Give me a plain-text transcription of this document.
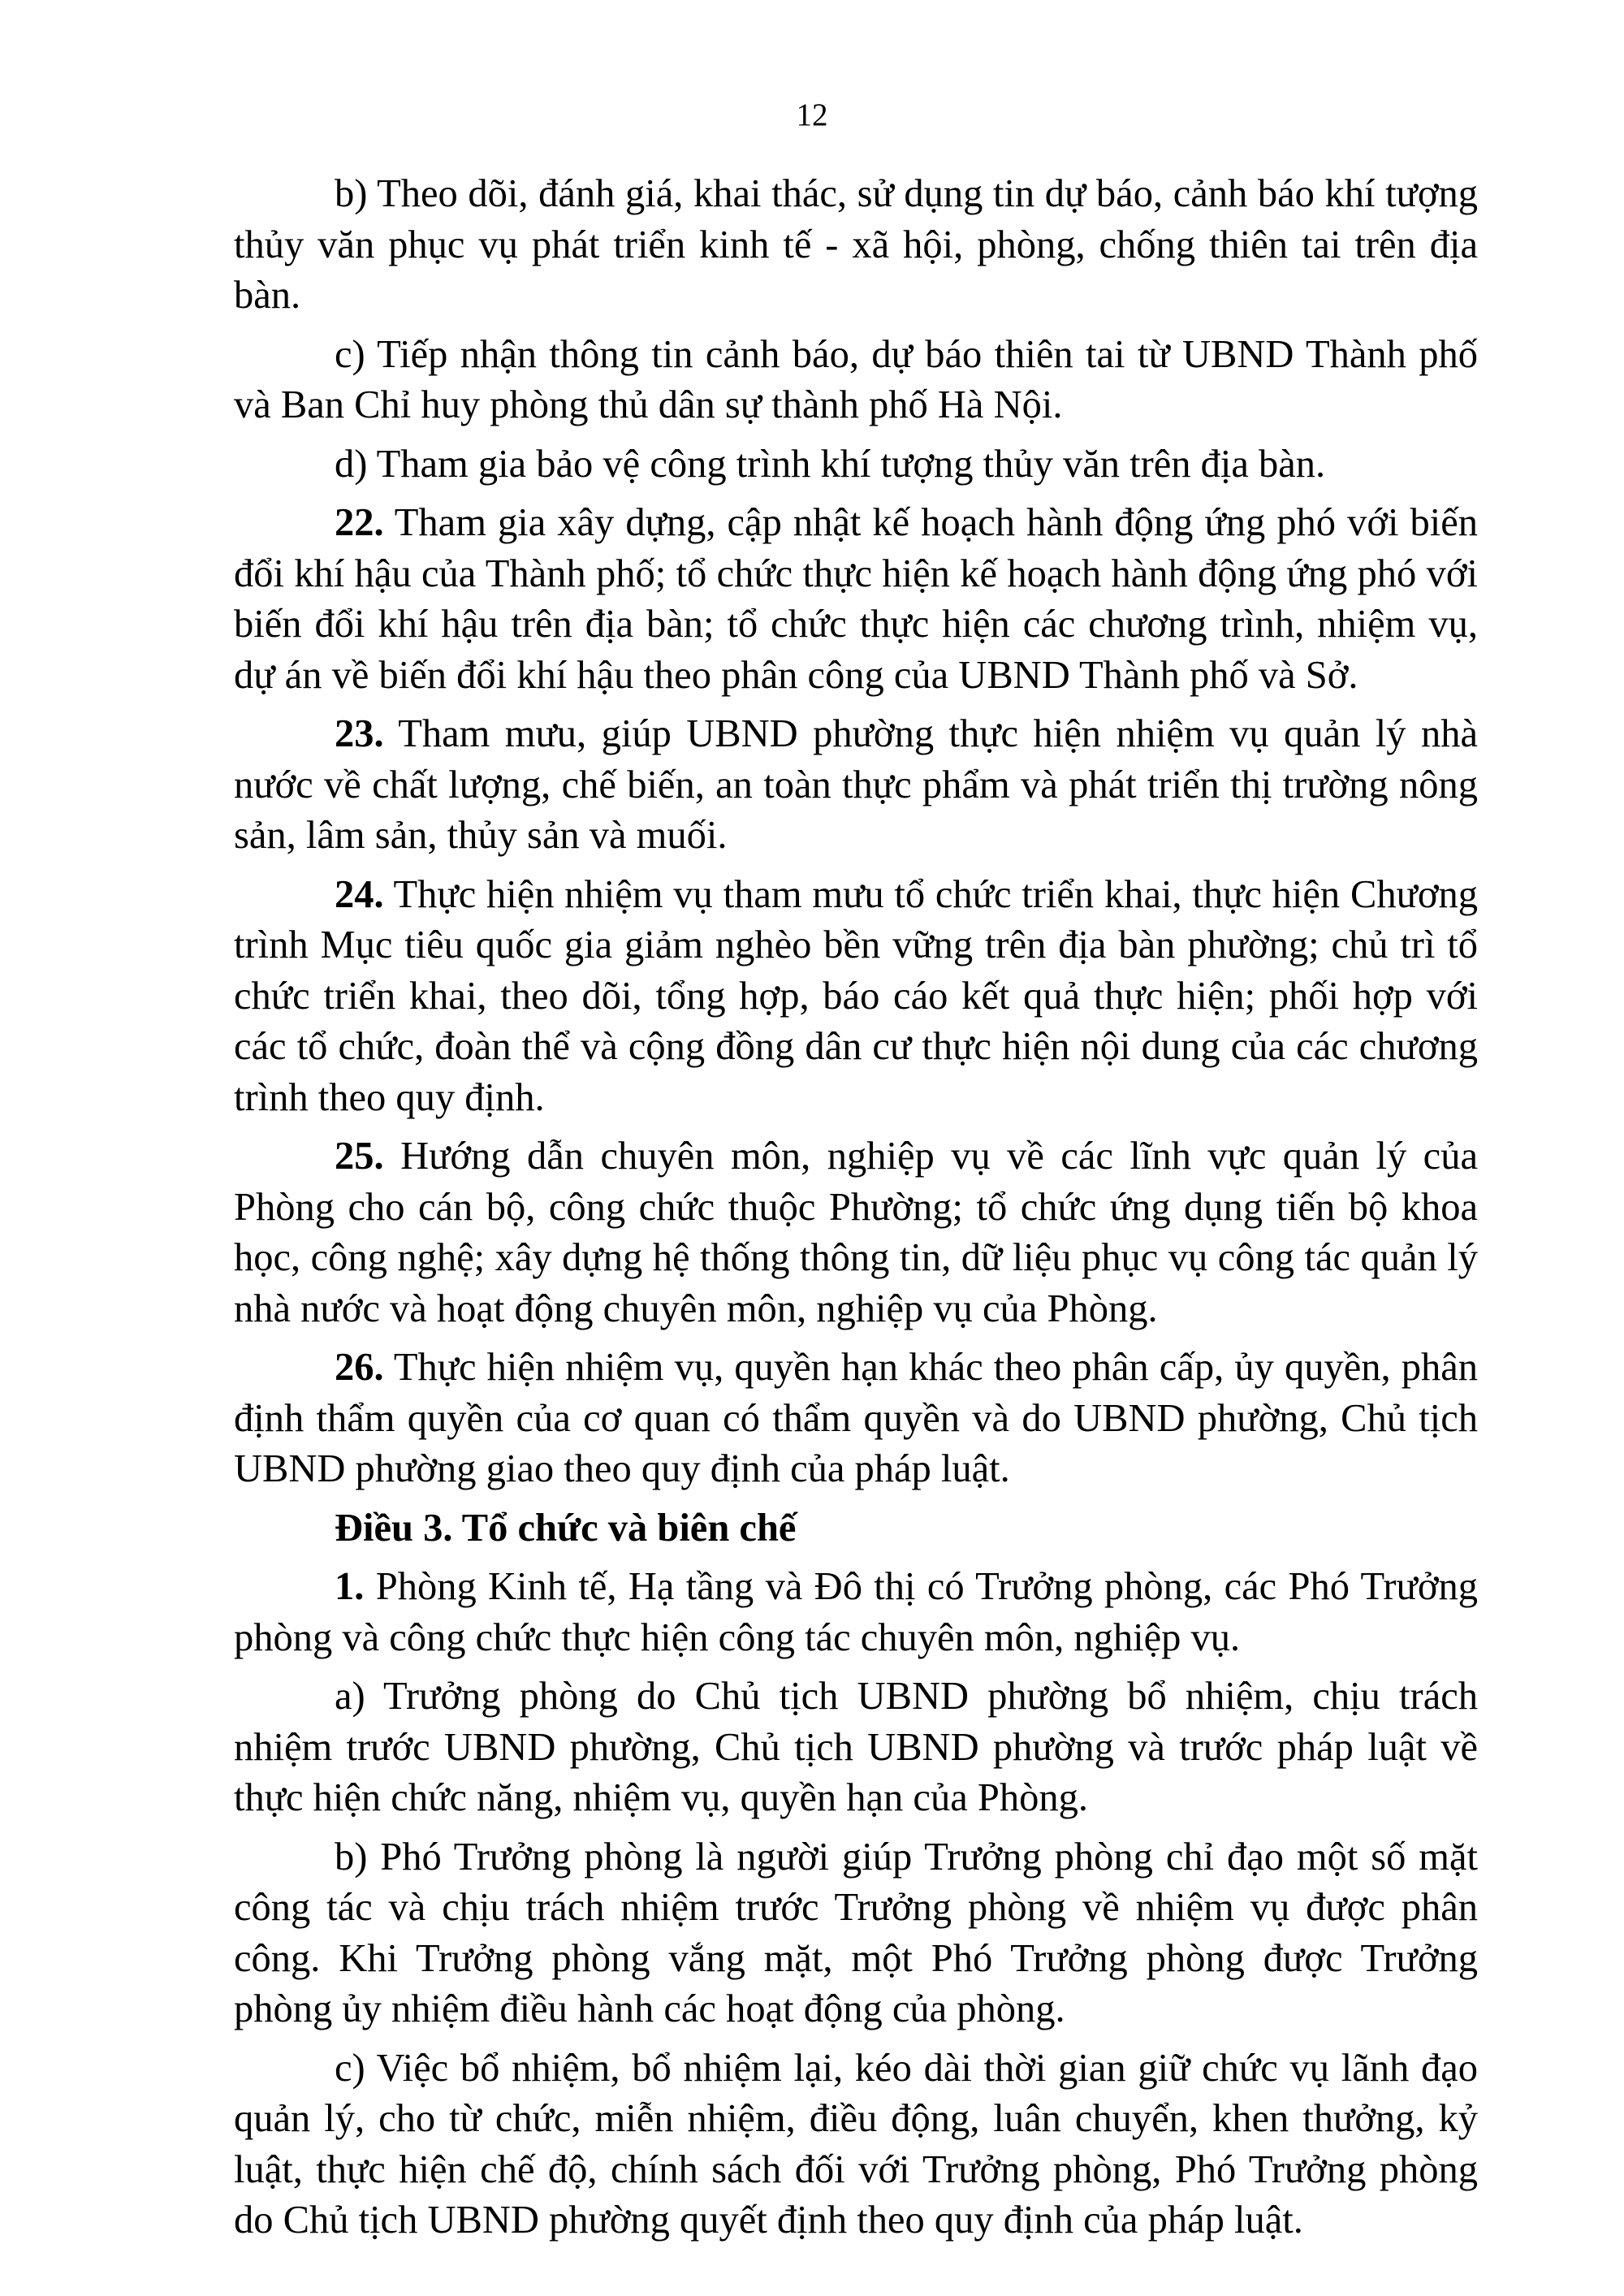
12

b) Theo dõi, đánh giá, khai thác, sử dụng tin dự báo, cảnh báo khí tượng thủy văn phục vụ phát triển kinh tế - xã hội, phòng, chống thiên tai trên địa bàn.

c) Tiếp nhận thông tin cảnh báo, dự báo thiên tai từ UBND Thành phố và Ban Chỉ huy phòng thủ dân sự thành phố Hà Nội.

d) Tham gia bảo vệ công trình khí tượng thủy văn trên địa bàn.

22. Tham gia xây dựng, cập nhật kế hoạch hành động ứng phó với biến đổi khí hậu của Thành phố; tổ chức thực hiện kế hoạch hành động ứng phó với biến đổi khí hậu trên địa bàn; tổ chức thực hiện các chương trình, nhiệm vụ, dự án về biến đổi khí hậu theo phân công của UBND Thành phố và Sở.

23. Tham mưu, giúp UBND phường thực hiện nhiệm vụ quản lý nhà nước về chất lượng, chế biến, an toàn thực phẩm và phát triển thị trường nông sản, lâm sản, thủy sản và muối.

24. Thực hiện nhiệm vụ tham mưu tổ chức triển khai, thực hiện Chương trình Mục tiêu quốc gia giảm nghèo bền vững trên địa bàn phường; chủ trì tổ chức triển khai, theo dõi, tổng hợp, báo cáo kết quả thực hiện; phối hợp với các tổ chức, đoàn thể và cộng đồng dân cư thực hiện nội dung của các chương trình theo quy định.

25. Hướng dẫn chuyên môn, nghiệp vụ về các lĩnh vực quản lý của Phòng cho cán bộ, công chức thuộc Phường; tổ chức ứng dụng tiến bộ khoa học, công nghệ; xây dựng hệ thống thông tin, dữ liệu phục vụ công tác quản lý nhà nước và hoạt động chuyên môn, nghiệp vụ của Phòng.

26. Thực hiện nhiệm vụ, quyền hạn khác theo phân cấp, ủy quyền, phân định thẩm quyền của cơ quan có thẩm quyền và do UBND phường, Chủ tịch UBND phường giao theo quy định của pháp luật.

Điều 3. Tổ chức và biên chế

1. Phòng Kinh tế, Hạ tầng và Đô thị có Trưởng phòng, các Phó Trưởng phòng và công chức thực hiện công tác chuyên môn, nghiệp vụ.

a) Trưởng phòng do Chủ tịch UBND phường bổ nhiệm, chịu trách nhiệm trước UBND phường, Chủ tịch UBND phường và trước pháp luật về thực hiện chức năng, nhiệm vụ, quyền hạn của Phòng.

b) Phó Trưởng phòng là người giúp Trưởng phòng chỉ đạo một số mặt công tác và chịu trách nhiệm trước Trưởng phòng về nhiệm vụ được phân công. Khi Trưởng phòng vắng mặt, một Phó Trưởng phòng được Trưởng phòng ủy nhiệm điều hành các hoạt động của phòng.

c) Việc bổ nhiệm, bổ nhiệm lại, kéo dài thời gian giữ chức vụ lãnh đạo quản lý, cho từ chức, miễn nhiệm, điều động, luân chuyển, khen thưởng, kỷ luật, thực hiện chế độ, chính sách đối với Trưởng phòng, Phó Trưởng phòng do Chủ tịch UBND phường quyết định theo quy định của pháp luật.
